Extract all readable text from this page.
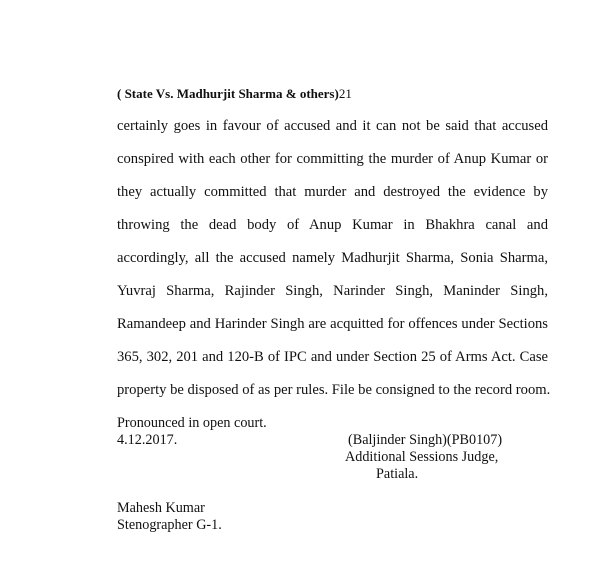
( State Vs. Madhurjit Sharma & others)21
certainly goes in favour of accused and it can not be said that accused
conspired with each other for committing the murder of Anup Kumar or
they actually committed that murder and destroyed the evidence by
throwing the dead body of Anup Kumar in Bhakhra canal and
accordingly, all the accused namely Madhurjit Sharma, Sonia Sharma,
Yuvraj Sharma, Rajinder Singh, Narinder Singh, Maninder Singh,
Ramandeep and Harinder Singh are acquitted for offences under Sections
365, 302, 201 and 120-B of IPC and under Section 25 of Arms Act. Case
property be disposed of as per rules. File be consigned to the record room.
Pronounced in open court.
4.12.2017.	(Baljinder Singh)(PB0107)
Additional Sessions Judge,
Patiala.
Mahesh Kumar
Stenographer G-1.
